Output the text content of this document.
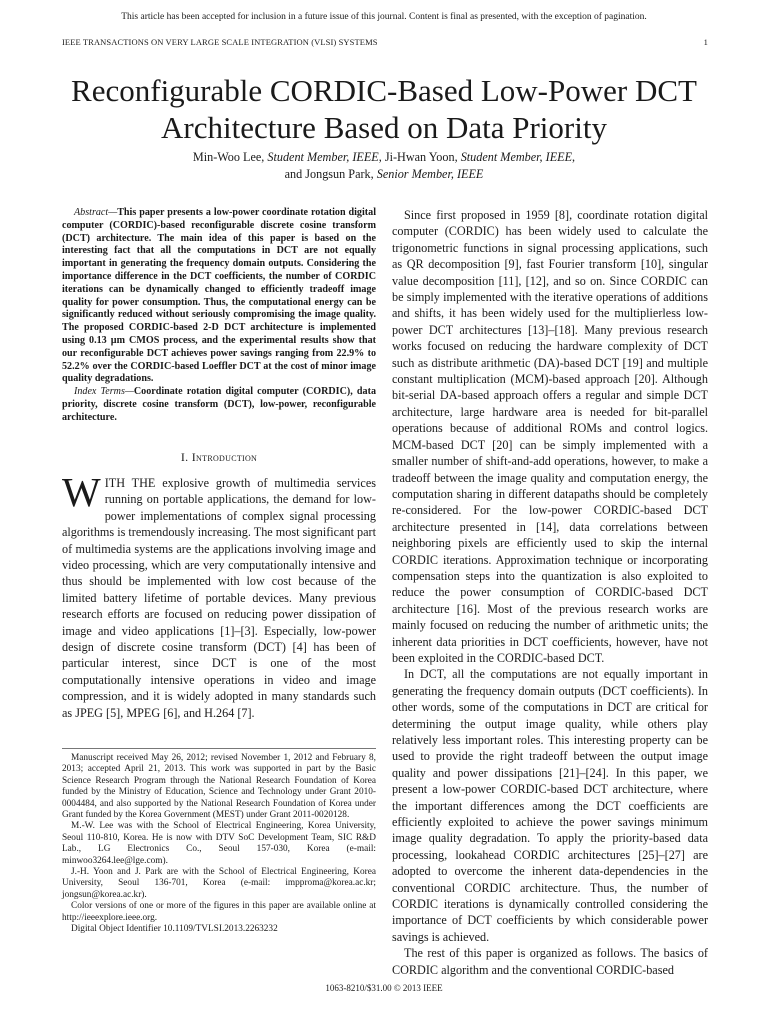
This article has been accepted for inclusion in a future issue of this journal. Content is final as presented, with the exception of pagination.
IEEE TRANSACTIONS ON VERY LARGE SCALE INTEGRATION (VLSI) SYSTEMS	1
Reconfigurable CORDIC-Based Low-Power DCT
Architecture Based on Data Priority
Min-Woo Lee, Student Member, IEEE, Ji-Hwan Yoon, Student Member, IEEE,
and Jongsun Park, Senior Member, IEEE

Abstract—This paper presents a low-power coordinate rotation digital computer (CORDIC)-based reconfigurable discrete cosine transform (DCT) architecture. The main idea of this paper is based on the interesting fact that all the computations in DCT are not equally important in generating the frequency domain outputs. Considering the importance difference in the DCT coefficients, the number of CORDIC iterations can be dynamically changed to efficiently tradeoff image quality for power consumption. Thus, the computational energy can be significantly reduced without seriously compromising the image quality. The proposed CORDIC-based 2-D DCT architecture is implemented using 0.13 µm CMOS process, and the experimental results show that our reconfigurable DCT achieves power savings ranging from 22.9% to 52.2% over the CORDIC-based Loeffler DCT at the cost of minor image quality degradations.

Index Terms—Coordinate rotation digital computer (CORDIC), data priority, discrete cosine transform (DCT), low-power, reconfigurable architecture.

I. Introduction

WITH THE explosive growth of multimedia services running on portable applications, the demand for low-power implementations of complex signal processing algorithms is tremendously increasing. The most significant part of multimedia systems are the applications involving image and video processing, which are very computationally intensive and thus should be implemented with low cost because of the limited battery lifetime of portable devices. Many previous research efforts are focused on reducing power dissipation of image and video applications [1]–[3]. Especially, low-power design of discrete cosine transform (DCT) [4] has been of particular interest, since DCT is one of the most computationally intensive operations in video and image compression, and it is widely adopted in many standards such as JPEG [5], MPEG [6], and H.264 [7].

Manuscript received May 26, 2012; revised November 1, 2012 and February 8, 2013; accepted April 21, 2013. This work was supported in part by the Basic Science Research Program through the National Research Foundation of Korea funded by the Ministry of Education, Science and Technology under Grant 2010-0004484, and also supported by the National Research Foundation of Korea under Grant funded by the Korea Government (MEST) under Grant 2011-0020128.

M.-W. Lee was with the School of Electrical Engineering, Korea University, Seoul 110-810, Korea. He is now with DTV SoC Development Team, SIC R&D Lab., LG Electronics Co., Seoul 157-030, Korea (e-mail: minwoo3264.lee@lge.com).

J.-H. Yoon and J. Park are with the School of Electrical Engineering, Korea University, Seoul 136-701, Korea (e-mail: impproma@korea.ac.kr; jongsun@korea.ac.kr).

Color versions of one or more of the figures in this paper are available online at http://ieeexplore.ieee.org.

Digital Object Identifier 10.1109/TVLSI.2013.2263232

Since first proposed in 1959 [8], coordinate rotation digital computer (CORDIC) has been widely used to calculate the trigonometric functions in signal processing applications, such as QR decomposition [9], fast Fourier transform [10], singular value decomposition [11], [12], and so on. Since CORDIC can be simply implemented with the iterative operations of additions and shifts, it has been widely used for the multiplierless low-power DCT architectures [13]–[18]. Many previous research works focused on reducing the hardware complexity of DCT such as distribute arithmetic (DA)-based DCT [19] and multiple constant multiplication (MCM)-based approach [20]. Although bit-serial DA-based approach offers a regular and simple DCT architecture, large hardware area is needed for bit-parallel operations because of additional ROMs and control logics. MCM-based DCT [20] can be simply implemented with a smaller number of shift-and-add operations, however, to make a tradeoff between the image quality and computation energy, the computation sharing in different datapaths should be completely re-considered. For the low-power CORDIC-based DCT architecture presented in [14], data correlations between neighboring pixels are efficiently used to skip the internal CORDIC iterations. Approximation technique or incorporating compensation steps into the quantization is also exploited to reduce the power consumption of CORDIC-based DCT architecture [16]. Most of the previous research works are mainly focused on reducing the number of arithmetic units; the inherent data priorities in DCT coefficients, however, have not been exploited in the CORDIC-based DCT.

In DCT, all the computations are not equally important in generating the frequency domain outputs (DCT coefficients). In other words, some of the computations in DCT are critical for determining the output image quality, while others play relatively less important roles. This interesting property can be used to provide the right tradeoff between the output image quality and power dissipations [21]–[24]. In this paper, we present a low-power CORDIC-based DCT architecture, where the important differences among the DCT coefficients are efficiently exploited to achieve the power savings minimum image quality degradation. To apply the priority-based data processing, lookahead CORDIC architectures [25]–[27] are adopted to overcome the inherent data-dependencies in the conventional CORDIC architecture. Thus, the number of CORDIC iterations is dynamically controlled considering the importance of DCT coefficients by which considerable power savings is achieved.

The rest of this paper is organized as follows. The basics of CORDIC algorithm and the conventional CORDIC-based

1063-8210/$31.00 © 2013 IEEE
